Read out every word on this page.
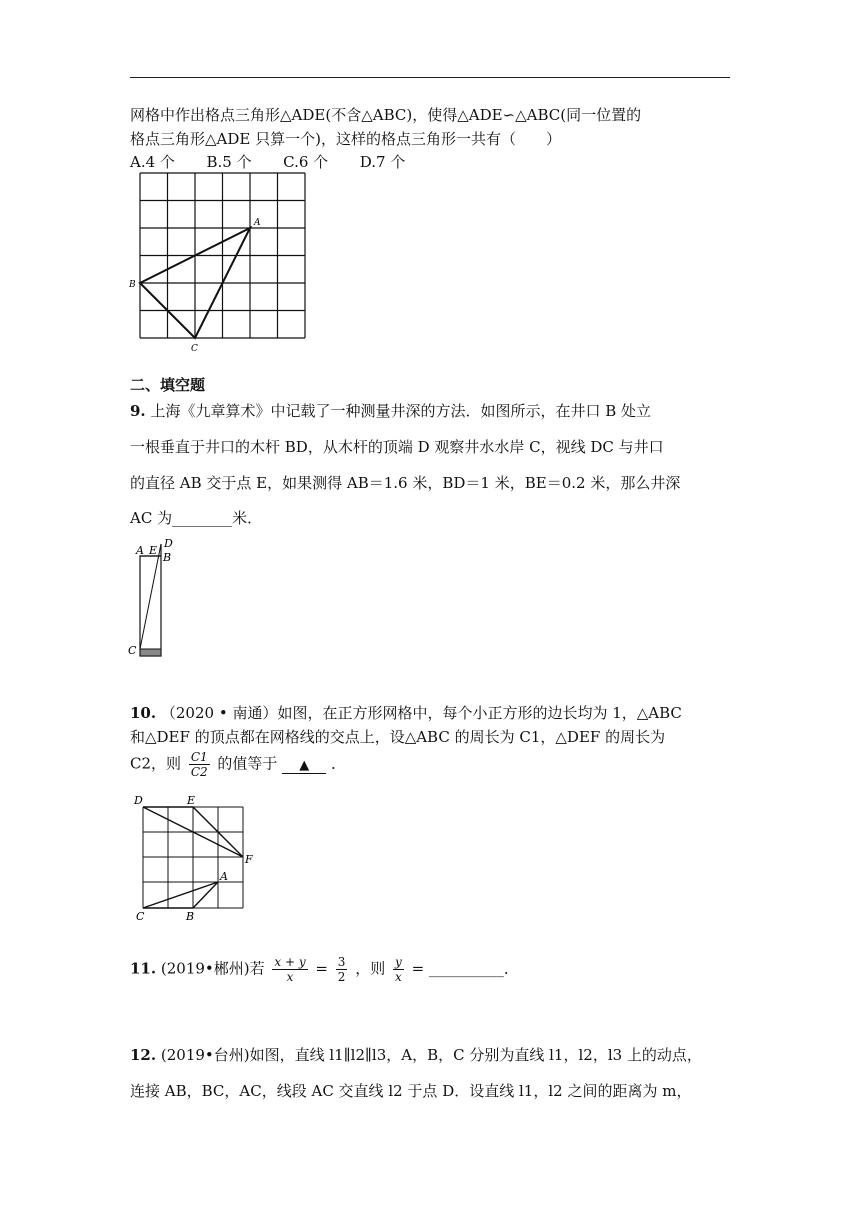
网格中作出格点三角形△ADE(不含△ABC)，使得△ADE∽△ABC(同一位置的
格点三角形△ADE 只算一个)，这样的格点三角形一共有（　　）
A.4 个 B.5 个 C.6 个 D.7 个
A
B
C
二、填空题
9. 上海《九章算术》中记载了一种测量井深的方法．如图所示，在井口 B 处立
一根垂直于井口的木杆 BD，从木杆的顶端 D 观察井水水岸 C，视线 DC 与井口
的直径 AB 交于点 E，如果测得 AB＝1.6 米，BD＝1 米，BE＝0.2 米，那么井深
AC 为________米．
A E
D
B
C
10. （2020 • 南通）如图，在正方形网格中，每个小正方形的边长均为 1，△ABC
和△DEF 的顶点都在网格线的交点上，设△ABC 的周长为 C1，△DEF 的周长为
C2，则 $\frac{C1}{C2}$ 的值等于 ▲ ．
D	E
F
A
C	B
11. (2019•郴州)若 $\frac{x + y}{x} = \frac{3}{2}$ ，则 $\frac{y}{x}$ = __________．
12. (2019•台州)如图，直线 l1∥l2∥l3，A，B，C 分别为直线 l1，l2，l3 上的动点，
连接 AB，BC，AC，线段 AC 交直线 l2 于点 D．设直线 l1，l2 之间的距离为 m，
